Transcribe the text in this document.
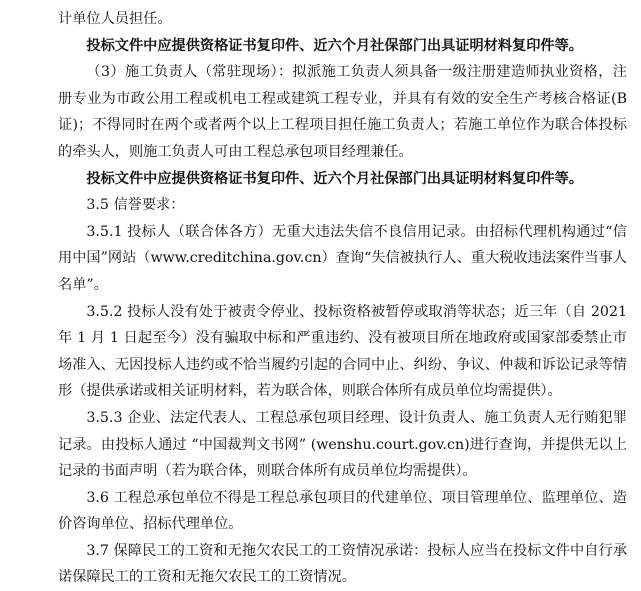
计单位人员担任。

投标文件中应提供资格证书复印件、近六个月社保部门出具证明材料复印件等。

（3）施工负责人（常驻现场）：拟派施工负责人须具备一级注册建造师执业资格，注册专业为市政公用工程或机电工程或建筑工程专业，并具有有效的安全生产考核合格证(B 证)；不得同时在两个或者两个以上工程项目担任施工负责人；若施工单位作为联合体投标的牵头人，则施工负责人可由工程总承包项目经理兼任。

投标文件中应提供资格证书复印件、近六个月社保部门出具证明材料复印件等。

3.5 信誉要求：

3.5.1 投标人（联合体各方）无重大违法失信不良信用记录。由招标代理机构通过“信用中国”网站（www.creditchina.gov.cn）查询“失信被执行人、重大税收违法案件当事人名单”。

3.5.2 投标人没有处于被责令停业、投标资格被暂停或取消等状态；近三年（自 2021 年 1 月 1 日起至今）没有骗取中标和严重违约、没有被项目所在地政府或国家部委禁止市场准入、无因投标人违约或不恰当履约引起的合同中止、纠纷、争议、仲裁和诉讼记录等情形（提供承诺或相关证明材料，若为联合体，则联合体所有成员单位均需提供）。

3.5.3 企业、法定代表人、工程总承包项目经理、设计负责人、施工负责人无行贿犯罪记录。由投标人通过 “中国裁判文书网” (wenshu.court.gov.cn)进行查询，并提供无以上记录的书面声明（若为联合体，则联合体所有成员单位均需提供）。

3.6 工程总承包单位不得是工程总承包项目的代建单位、项目管理单位、监理单位、造价咨询单位、招标代理单位。

3.7 保障民工的工资和无拖欠农民工的工资情况承诺：投标人应当在投标文件中自行承诺保障民工的工资和无拖欠农民工的工资情况。
